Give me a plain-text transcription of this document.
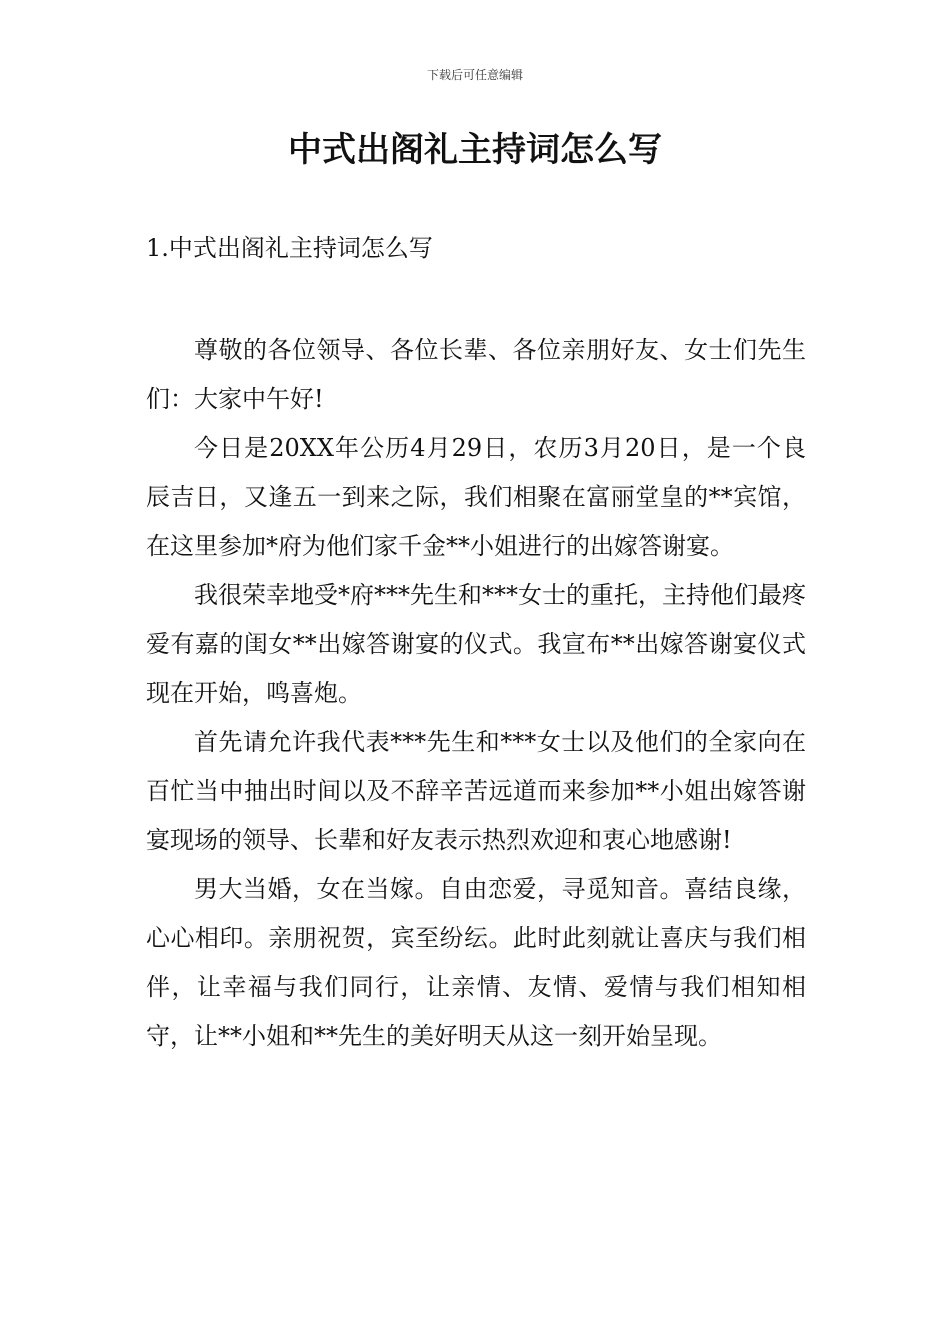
下载后可任意编辑
中式出阁礼主持词怎么写
1.中式出阁礼主持词怎么写

尊敬的各位领导、各位长辈、各位亲朋好友、女士们先生们：大家中午好!

今日是20XX年公历4月29日，农历3月20日，是一个良辰吉日，又逢五一到来之际，我们相聚在富丽堂皇的**宾馆，在这里参加*府为他们家千金**小姐进行的出嫁答谢宴。

我很荣幸地受*府***先生和***女士的重托，主持他们最疼爱有嘉的闺女**出嫁答谢宴的仪式。我宣布**出嫁答谢宴仪式现在开始，鸣喜炮。

首先请允许我代表***先生和***女士以及他们的全家向在百忙当中抽出时间以及不辞辛苦远道而来参加**小姐出嫁答谢宴现场的领导、长辈和好友表示热烈欢迎和衷心地感谢!

男大当婚，女在当嫁。自由恋爱，寻觅知音。喜结良缘，心心相印。亲朋祝贺，宾至纷纭。此时此刻就让喜庆与我们相伴，让幸福与我们同行，让亲情、友情、爱情与我们相知相守，让**小姐和**先生的美好明天从这一刻开始呈现。
